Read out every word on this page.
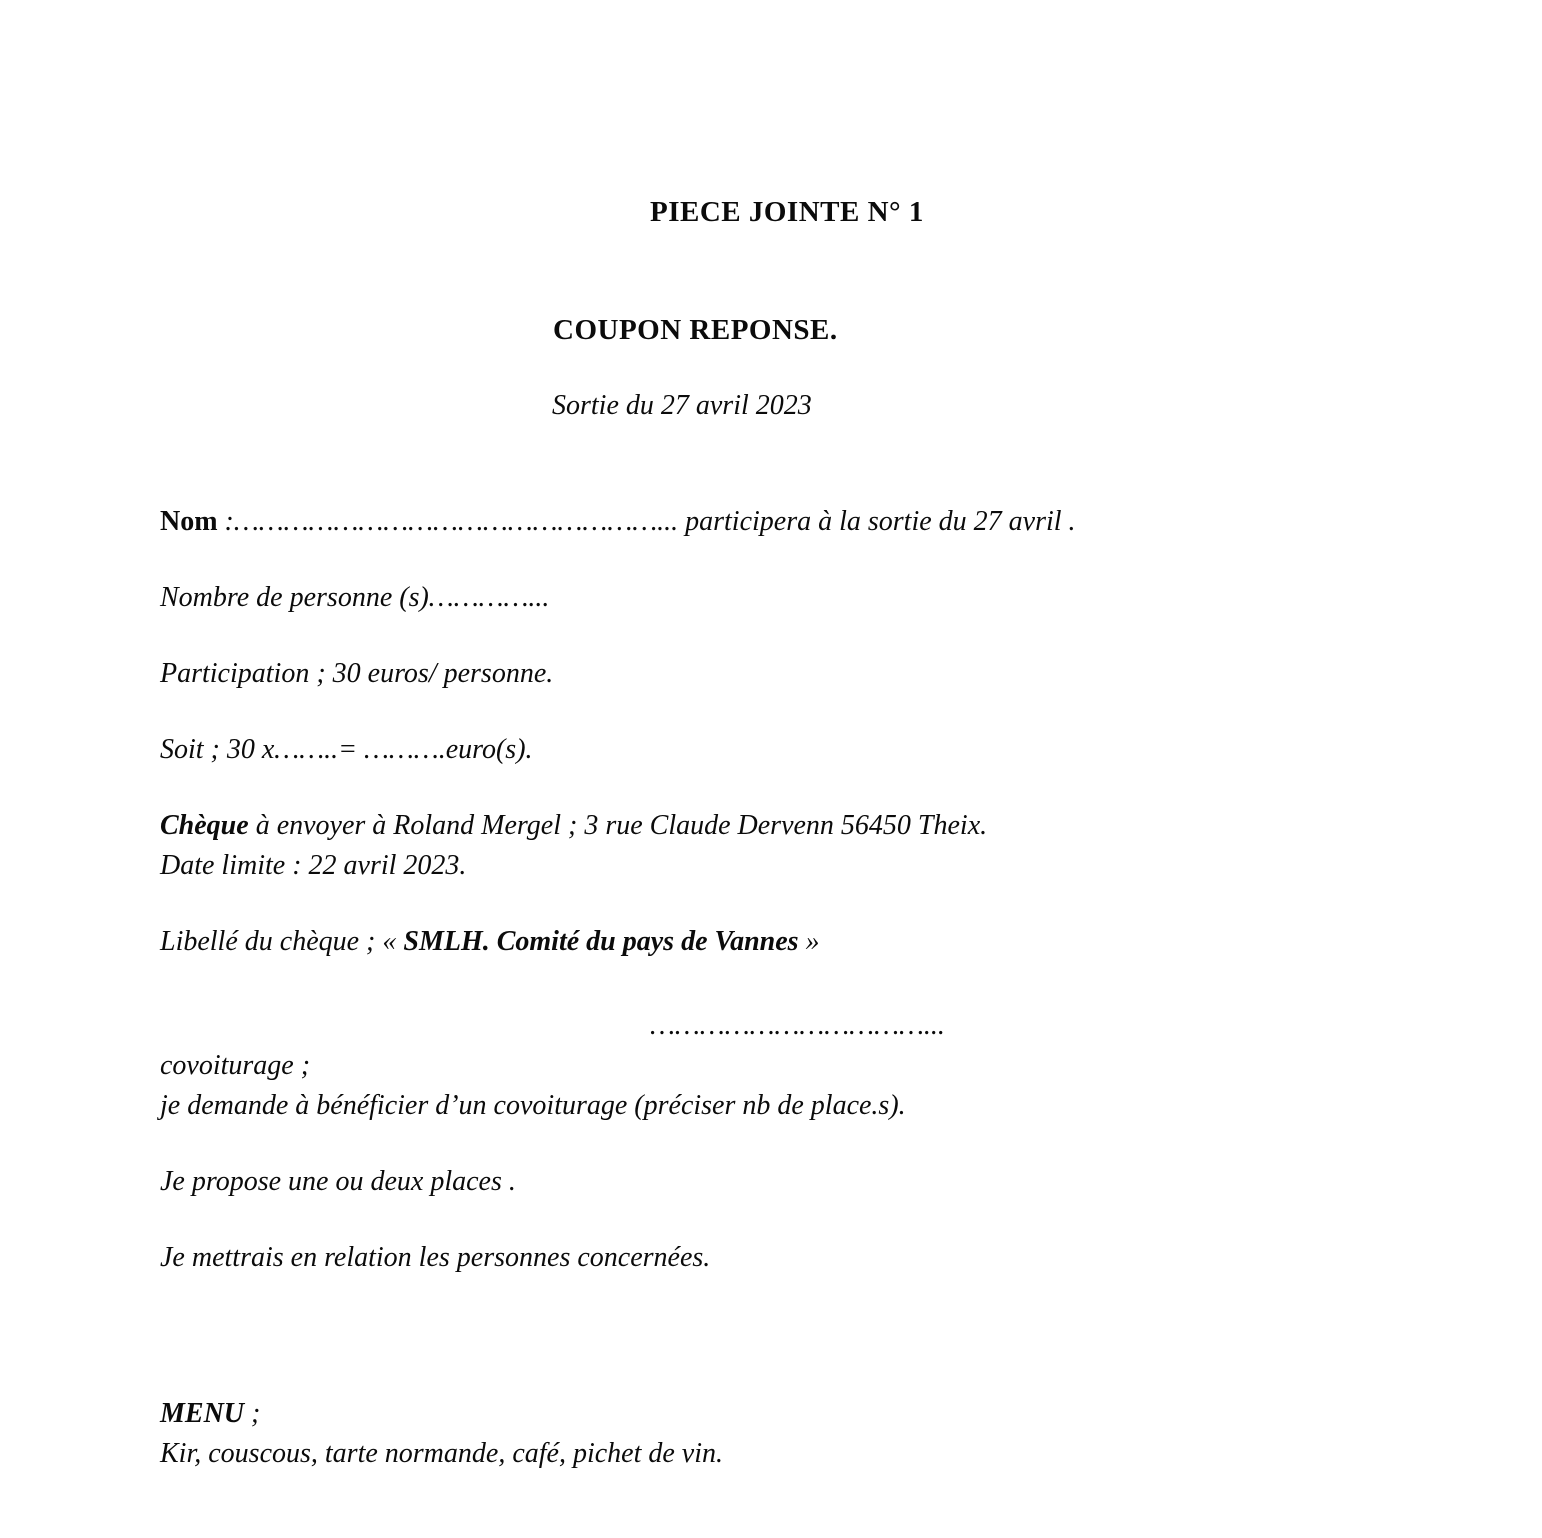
PIECE JOINTE N° 1

COUPON REPONSE.

Sortie du 27 avril 2023

Nom :……………………………………………... participera à la sortie du 27 avril .

Nombre de personne (s)…………...

Participation ; 30 euros/ personne.

Soit ; 30 x……..= ……….euro(s).

Chèque à envoyer à Roland Mergel ; 3 rue Claude Dervenn 56450 Theix.

Date limite : 22 avril 2023.

Libellé du chèque ; « SMLH. Comité du pays de Vannes »

……………………………...

covoiturage ;

je demande à bénéficier d’un covoiturage (préciser nb de place.s).

Je propose une ou deux places .

Je mettrais en relation les personnes concernées.

MENU ;

Kir, couscous, tarte normande, café, pichet de vin.
